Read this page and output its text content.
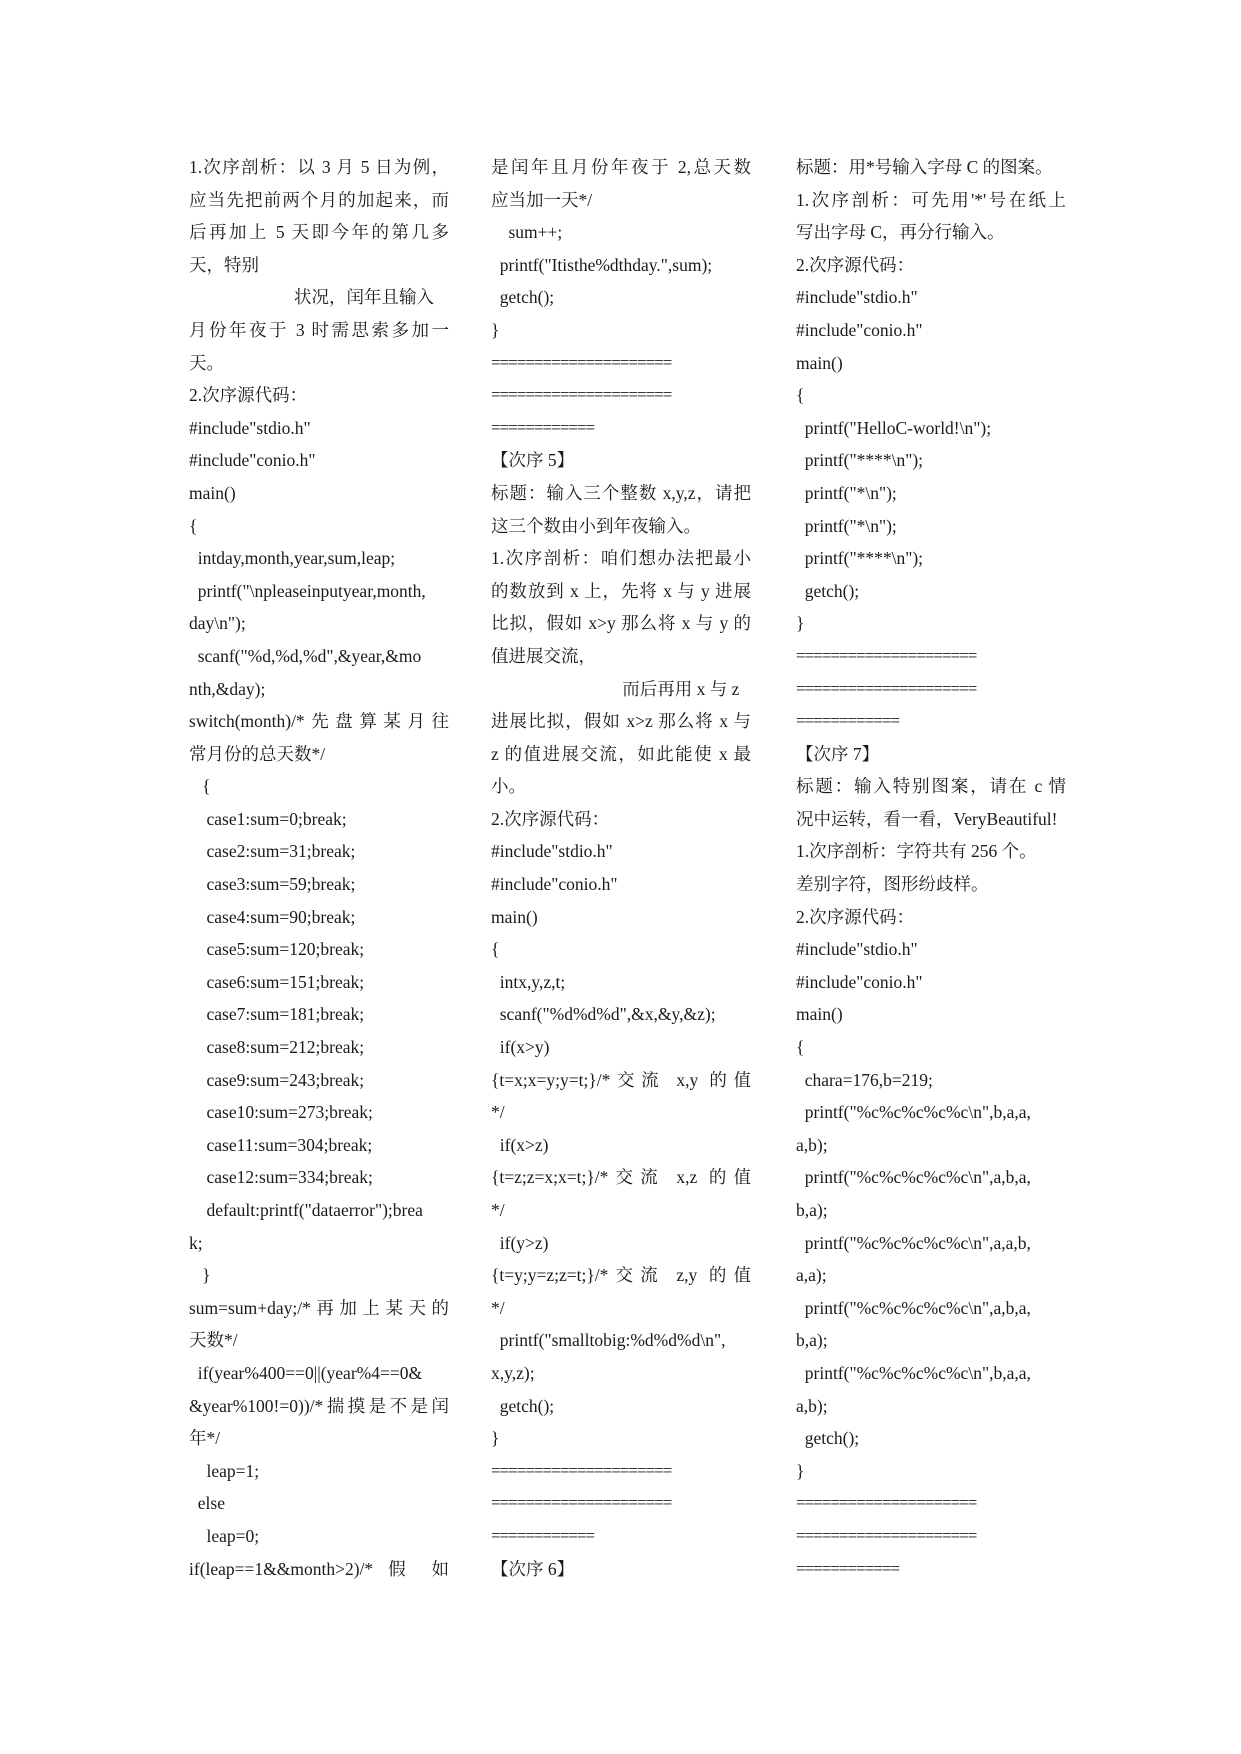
1.次序剖析：以 3 月 5 日为例，
应当先把前两个月的加起来，而
后再加上 5 天即今年的第几多
天，特别
状况，闰年且输入
月份年夜于 3 时需思索多加一
天。
2.次序源代码：
#include"stdio.h"
#include"conio.h"
main()
{
intday,month,year,sum,leap;
printf("\npleaseinputyear,month,
day\n");
scanf("%d,%d,%d",&year,&mo
nth,&day);
switch(month)/*先盘算某月往
常月份的总天数*/
{
case1:sum=0;break;
case2:sum=31;break;
case3:sum=59;break;
case4:sum=90;break;
case5:sum=120;break;
case6:sum=151;break;
case7:sum=181;break;
case8:sum=212;break;
case9:sum=243;break;
case10:sum=273;break;
case11:sum=304;break;
case12:sum=334;break;
default:printf("dataerror");brea
k;
}
sum=sum+day;/*再加上某天的
天数*/
if(year%400==0||(year%4==0&
&year%100!=0))/*揣摸是不是闰
年*/
leap=1;
else
leap=0;
if(leap==1&&month>2)/* 假 如
是闰年且月份年夜于 2,总天数
应当加一天*/
sum++;
printf("Itisthe%dthday.",sum);
getch();
}
=====================
=====================
============
【次序 5】
标题：输入三个整数 x,y,z，请把
这三个数由小到年夜输入。
1.次序剖析：咱们想办法把最小
的数放到 x 上，先将 x 与 y 进展
比拟，假如 x>y 那么将 x 与 y 的
值进展交流，
而后再用 x 与 z
进展比拟，假如 x>z 那么将 x 与
z 的值进展交流，如此能使 x 最
小。
2.次序源代码：
#include"stdio.h"
#include"conio.h"
main()
{
intx,y,z,t;
scanf("%d%d%d",&x,&y,&z);
if(x>y)
{t=x;x=y;y=t;}/*交流 x,y 的值
*/
if(x>z)
{t=z;z=x;x=t;}/*交流 x,z 的值
*/
if(y>z)
{t=y;y=z;z=t;}/*交流 z,y 的值
*/
printf("smalltobig:%d%d%d\n",
x,y,z);
getch();
}
=====================
=====================
============
【次序 6】
标题：用*号输入字母 C 的图案。
1.次序剖析：可先用'*'号在纸上
写出字母 C，再分行输入。
2.次序源代码：
#include"stdio.h"
#include"conio.h"
main()
{
printf("HelloC-world!\n");
printf("****\n");
printf("*\n");
printf("*\n");
printf("****\n");
getch();
}
=====================
=====================
============
【次序 7】
标题：输入特别图案，请在 c 情
况中运转，看一看，VeryBeautiful!
1.次序剖析：字符共有 256 个。
差别字符，图形纷歧样。
2.次序源代码：
#include"stdio.h"
#include"conio.h"
main()
{
chara=176,b=219;
printf("%c%c%c%c%c\n",b,a,a,
a,b);
printf("%c%c%c%c%c\n",a,b,a,
b,a);
printf("%c%c%c%c%c\n",a,a,b,
a,a);
printf("%c%c%c%c%c\n",a,b,a,
b,a);
printf("%c%c%c%c%c\n",b,a,a,
a,b);
getch();
}
=====================
=====================
============
